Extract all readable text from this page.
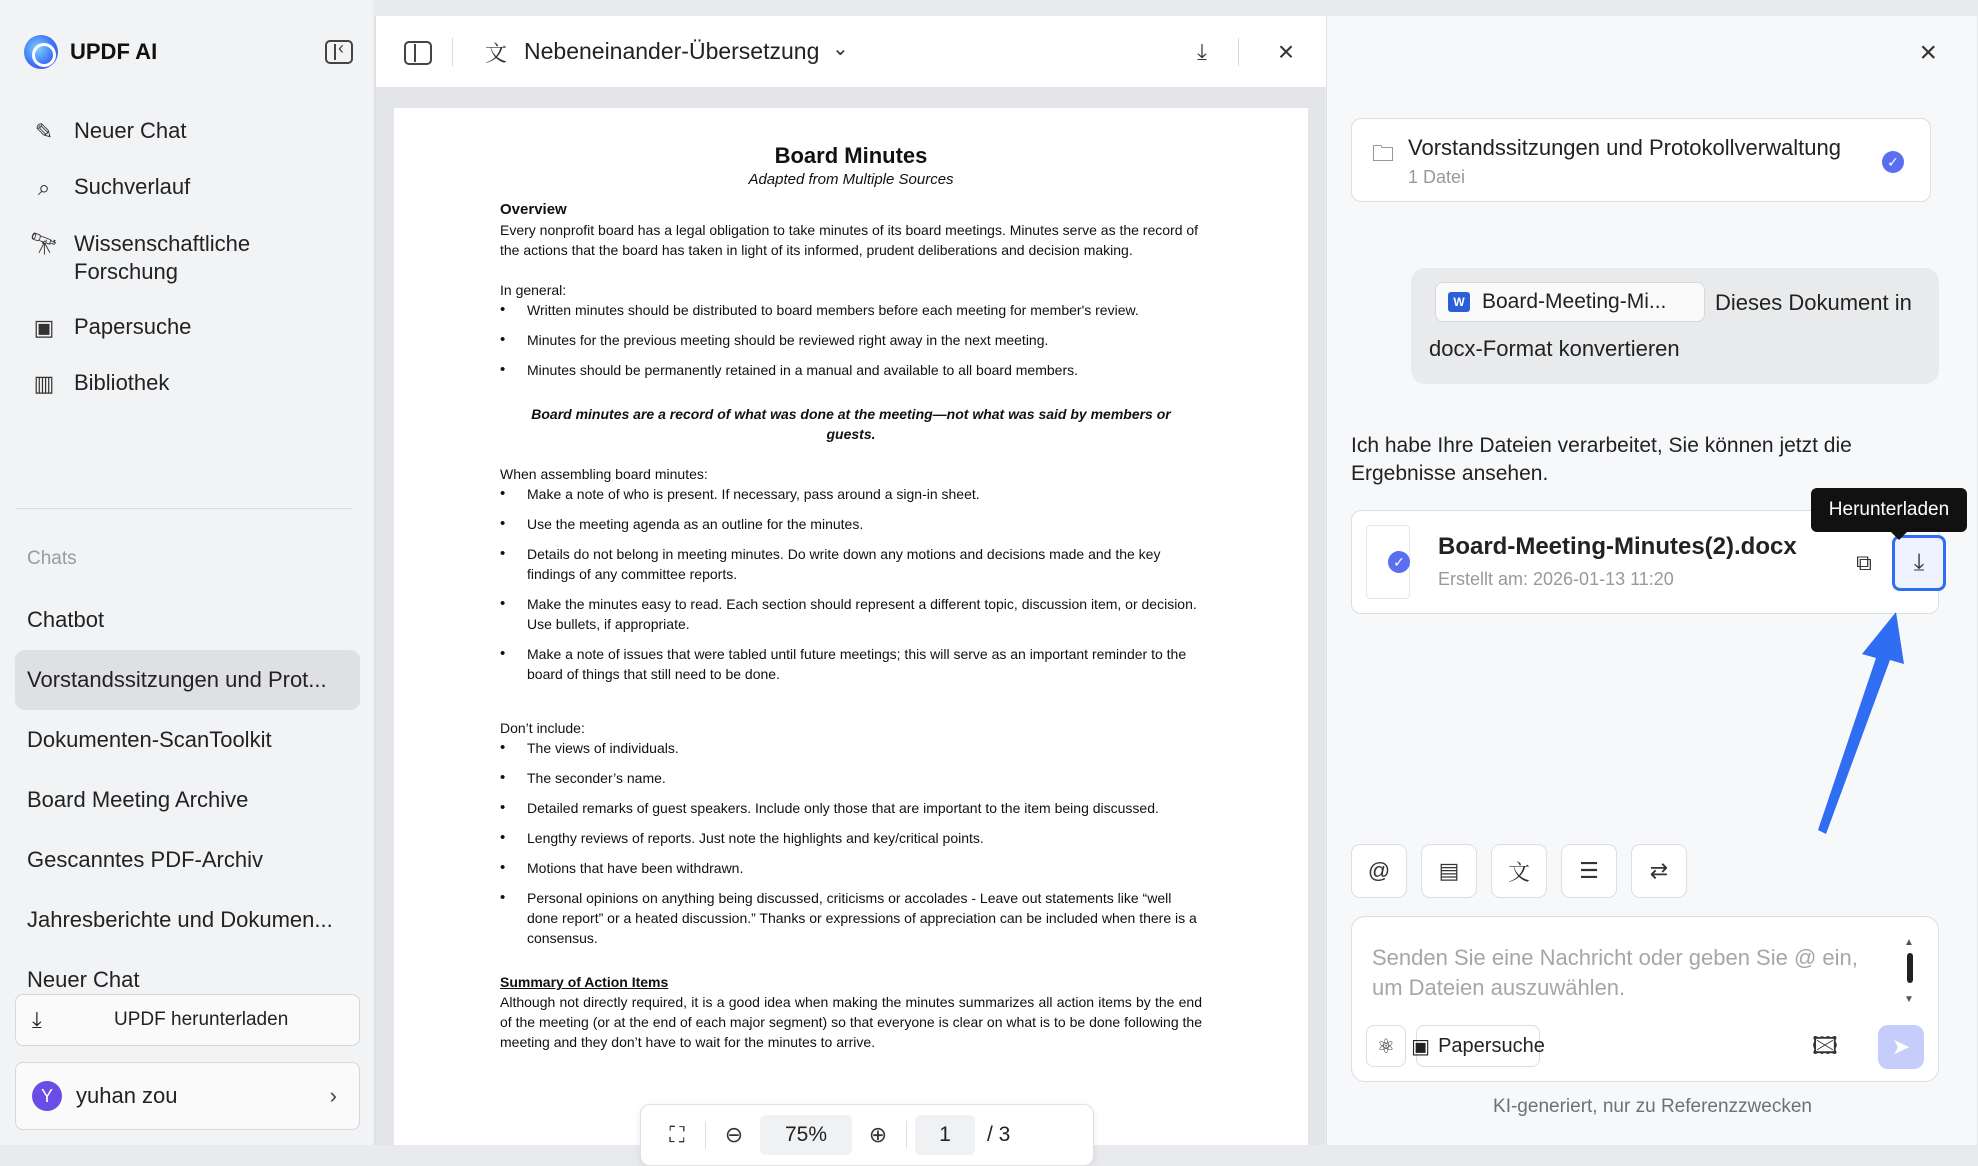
UPDF AI
‹
✎ Neuer Chat
⌕	Suchverlauf
🔭︎ Wissenschaftliche Forschung
▣ Papersuche
▥ Bibliothek
Chats
Chatbot
Vorstandssitzungen und Prot...
Dokumenten-ScanToolkit
Board Meeting Archive
Gescanntes PDF-Archiv
Jahresberichte und Dokumen...
Neuer Chat
⤓	UPDF herunterladen
Y	yuhan zou	›
文 Nebeneinander-Übersetzung ⌄	⤓	×
Board Minutes
Adapted from Multiple Sources
Overview

Every nonprofit board has a legal obligation to take minutes of its board meetings. Minutes serve as the record of the actions that the board has taken in light of its informed, prudent deliberations and decision making.

In general:
• Written minutes should be distributed to board members before each meeting for member's review.
• Minutes for the previous meeting should be reviewed right away in the next meeting.
• Minutes should be permanently retained in a manual and available to all board members.
Board minutes are a record of what was done at the meeting—not what was said by members or guests.
When assembling board minutes:
• Make a note of who is present. If necessary, pass around a sign-in sheet.
• Use the meeting agenda as an outline for the minutes.
• Details do not belong in meeting minutes. Do write down any motions and decisions made and the key findings of any committee reports.
• Make the minutes easy to read. Each section should represent a different topic, discussion item, or decision. Use bullets, if appropriate.
• Make a note of issues that were tabled until future meetings; this will serve as an important reminder to the board of things that still need to be done.
Don’t include:
• The views of individuals.
• The seconder’s name.
• Detailed remarks of guest speakers. Include only those that are important to the item being discussed.
• Lengthy reviews of reports. Just note the highlights and key/critical points.
• Motions that have been withdrawn.
• Personal opinions on anything being discussed, criticisms or accolades - Leave out statements like “well done report” or a heated discussion.” Thanks or expressions of appreciation can be included when there is a consensus.
Summary of Action Items

Although not directly required, it is a good idea when making the minutes summarizes all action items by the end of the meeting (or at the end of each major segment) so that everyone is clear on what is to be done following the meeting and they don’t have to wait for the minutes to arrive.

⛶	⊖	75%	⊕	1	/ 3
×
🗀 Vorstandssitzungen und Protokollverwaltung
1 Datei
✓
W Board-Meeting-Mi... Dieses Dokument in
docx-Format konvertieren
Ich habe Ihre Dateien verarbeitet, Sie können jetzt die Ergebnisse ansehen.
✓
Board-Meeting-Minutes(2).docx
Erstellt am: 2026-01-13 11:20
⧉	⤓
Herunterladen
@ ▤ 文 ☰ ⇄
Senden Sie eine Nachricht oder geben Sie @ ein, um Dateien auszuwählen.
▲
▼
⚛ ▣ Papersuche	🖾 ➤
KI-generiert, nur zu Referenzzwecken
